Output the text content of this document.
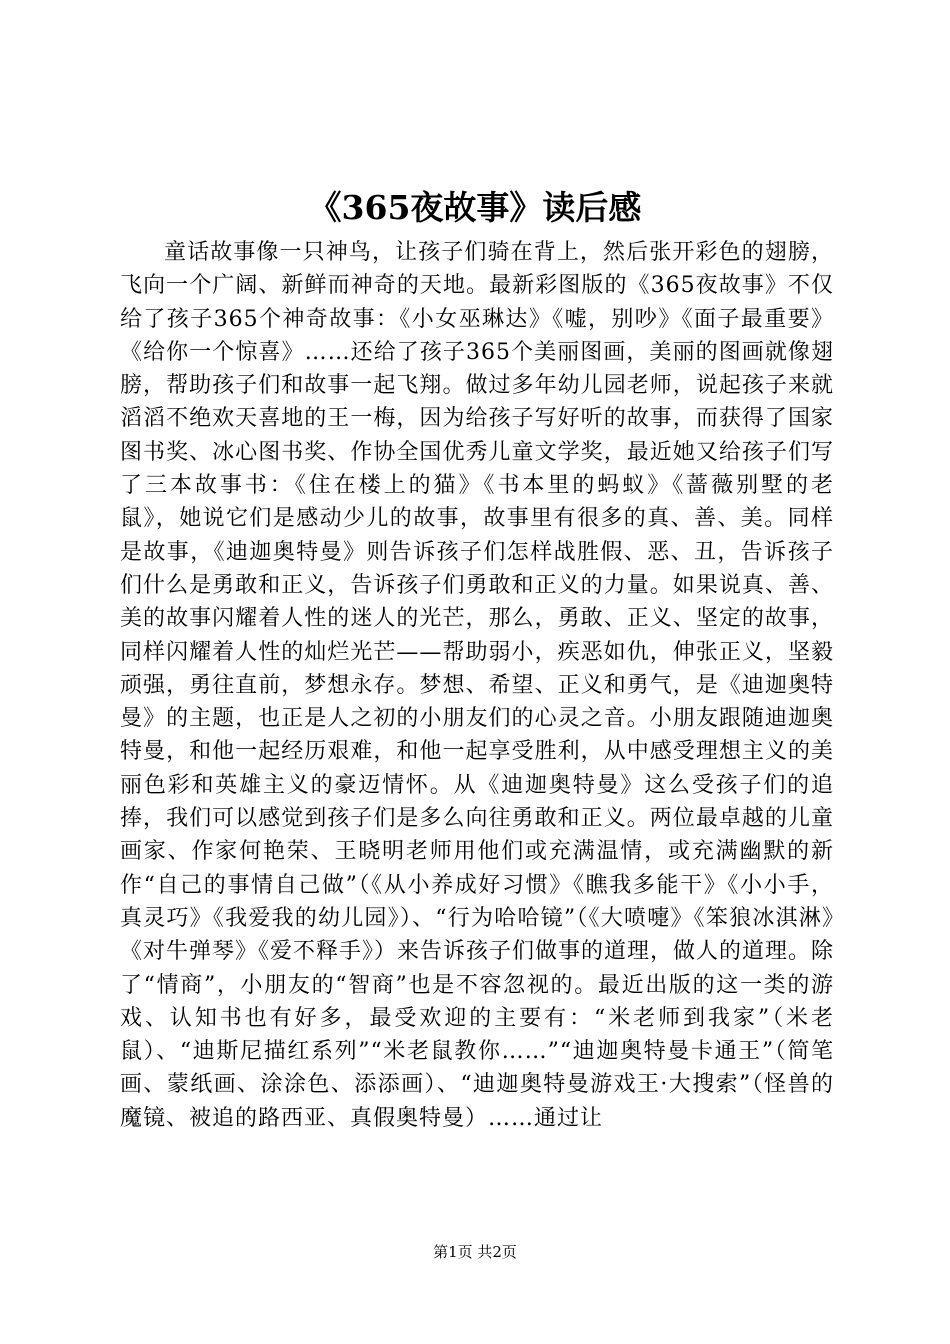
《365夜故事》读后感
童话故事像一只神鸟，让孩子们骑在背上，然后张开彩色的翅膀，飞向一个广阔、新鲜而神奇的天地。最新彩图版的《365夜故事》不仅给了孩子365个神奇故事：《小女巫琳达》《嘘，别吵》《面子最重要》《给你一个惊喜》……还给了孩子365个美丽图画，美丽的图画就像翅膀，帮助孩子们和故事一起飞翔。做过多年幼儿园老师，说起孩子来就滔滔不绝欢天喜地的王一梅，因为给孩子写好听的故事，而获得了国家图书奖、冰心图书奖、作协全国优秀儿童文学奖，最近她又给孩子们写了三本故事书：《住在楼上的猫》《书本里的蚂蚁》《蔷薇别墅的老鼠》，她说它们是感动少儿的故事，故事里有很多的真、善、美。同样是故事，《迪迦奥特曼》则告诉孩子们怎样战胜假、恶、丑，告诉孩子们什么是勇敢和正义，告诉孩子们勇敢和正义的力量。如果说真、善、美的故事闪耀着人性的迷人的光芒，那么，勇敢、正义、坚定的故事，同样闪耀着人性的灿烂光芒——帮助弱小，疾恶如仇，伸张正义，坚毅顽强，勇往直前，梦想永存。梦想、希望、正义和勇气，是《迪迦奥特曼》的主题，也正是人之初的小朋友们的心灵之音。小朋友跟随迪迦奥特曼，和他一起经历艰难，和他一起享受胜利，从中感受理想主义的美丽色彩和英雄主义的豪迈情怀。从《迪迦奥特曼》这么受孩子们的追捧，我们可以感觉到孩子们是多么向往勇敢和正义。两位最卓越的儿童画家、作家何艳荣、王晓明老师用他们或充满温情，或充满幽默的新作“自己的事情自己做”（《从小养成好习惯》《瞧我多能干》《小小手，真灵巧》《我爱我的幼儿园》）、“行为哈哈镜”（《大喷嚏》《笨狼冰淇淋》《对牛弹琴》《爱不释手》）来告诉孩子们做事的道理，做人的道理。除了“情商”，小朋友的“智商”也是不容忽视的。最近出版的这一类的游戏、认知书也有好多，最受欢迎的主要有：“米老师到我家”（米老鼠）、“迪斯尼描红系列”“米老鼠教你……”“迪迦奥特曼卡通王”（简笔画、蒙纸画、涂涂色、添添画）、“迪迦奥特曼游戏王·大搜索”（怪兽的魔镜、被追的路西亚、真假奥特曼）……通过让
第1页 共2页
